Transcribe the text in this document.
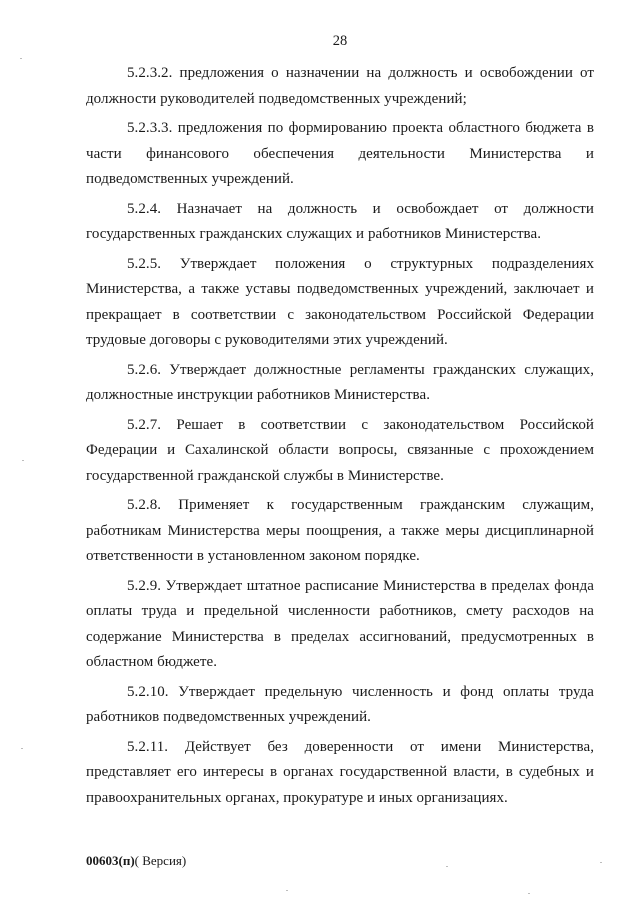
28

5.2.3.2. предложения о назначении на должность и освобождении от должности руководителей подведомственных учреждений;

5.2.3.3. предложения по формированию проекта областного бюджета в части финансового обеспечения деятельности Министерства и подведомственных учреждений.

5.2.4. Назначает на должность и освобождает от должности государственных гражданских служащих и работников Министерства.

5.2.5. Утверждает положения о структурных подразделениях Министерства, а также уставы подведомственных учреждений, заключает и прекращает в соответствии с законодательством Российской Федерации трудовые договоры с руководителями этих учреждений.

5.2.6. Утверждает должностные регламенты гражданских служащих, должностные инструкции работников Министерства.

5.2.7. Решает в соответствии с законодательством Российской Федерации и Сахалинской области вопросы, связанные с прохождением государственной гражданской службы в Министерстве.

5.2.8. Применяет к государственным гражданским служащим, работникам Министерства меры поощрения, а также меры дисциплинарной ответственности в установленном законом порядке.

5.2.9. Утверждает штатное расписание Министерства в пределах фонда оплаты труда и предельной численности работников, смету расходов на содержание Министерства в пределах ассигнований, предусмотренных в областном бюджете.

5.2.10. Утверждает предельную численность и фонд оплаты труда работников подведомственных учреждений.

5.2.11. Действует без доверенности от имени Министерства, представляет его интересы в органах государственной власти, в судебных и правоохранительных органах, прокуратуре и иных организациях.

00603(п)( Версия)
